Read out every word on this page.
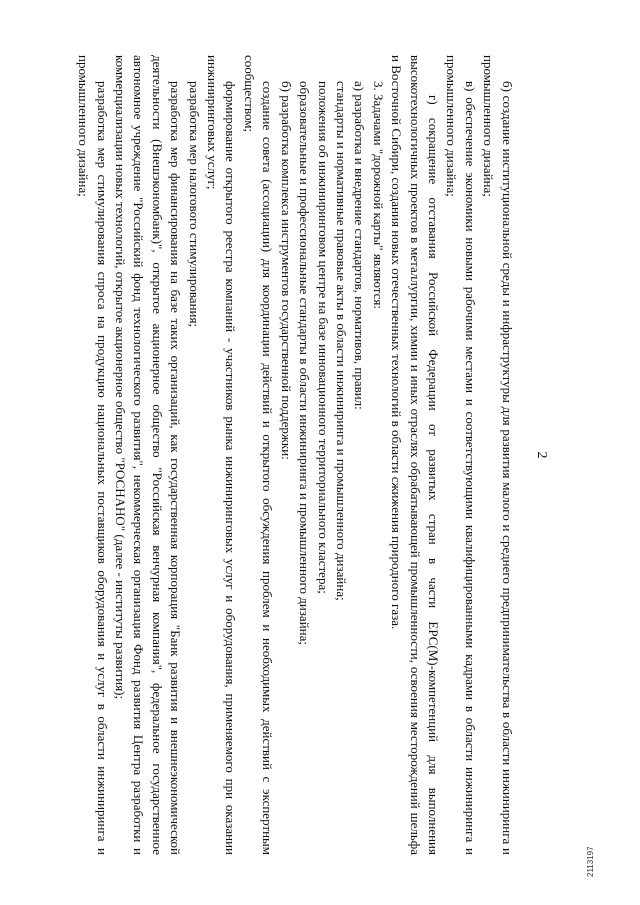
2

б) создание институциональной среды и инфраструктуры для развития малого и среднего предпринимательства в области инжиниринга и промышленного дизайна;

в) обеспечение экономики новыми рабочими местами и соответствующими квалифицированными кадрами в области инжиниринга и промышленного дизайна;

г) сокращение отставания Российской Федерации от развитых стран в части ЕРС(М)-компетенций для выполнения высокотехнологичных проектов в металлургии, химии и иных отраслях обрабатывающей промышленности, освоения месторождений шельфа и Восточной Сибири, создания новых отечественных технологий в области сжижения природного газа.

3. Задачами "дорожной карты" являются:

а) разработка и внедрение стандартов, нормативов, правил:

стандарты и нормативные правовые акты в области инжиниринга и промышленного дизайна;

положения об инжиниринговом центре на базе инновационного территориального кластера;

образовательные и профессиональные стандарты в области инжиниринга и промышленного дизайна;

б) разработка комплекса инструментов государственной поддержки:

создание совета (ассоциации) для координации действий и открытого обсуждения проблем и необходимых действий с экспертным сообществом;

формирование открытого реестра компаний - участников рынка инжиниринговых услуг и оборудования, применяемого при оказании инжиниринговых услуг;

разработка мер налогового стимулирования;

разработка мер финансирования на базе таких организаций, как государственная корпорация "Банк развития и внешнеэкономической деятельности (Внешэкономбанк)", открытое акционерное общество "Российская венчурная компания", федеральное государственное автономное учреждение "Российский фонд технологического развития", некоммерческая организация Фонд развития Центра разработки и коммерциализации новых технологий, открытое акционерное общество "РОСНАНО" (далее - институты развития);

разработка мер стимулирования спроса на продукцию национальных поставщиков оборудования и услуг в области инжиниринга и промышленного дизайна;

2113197
